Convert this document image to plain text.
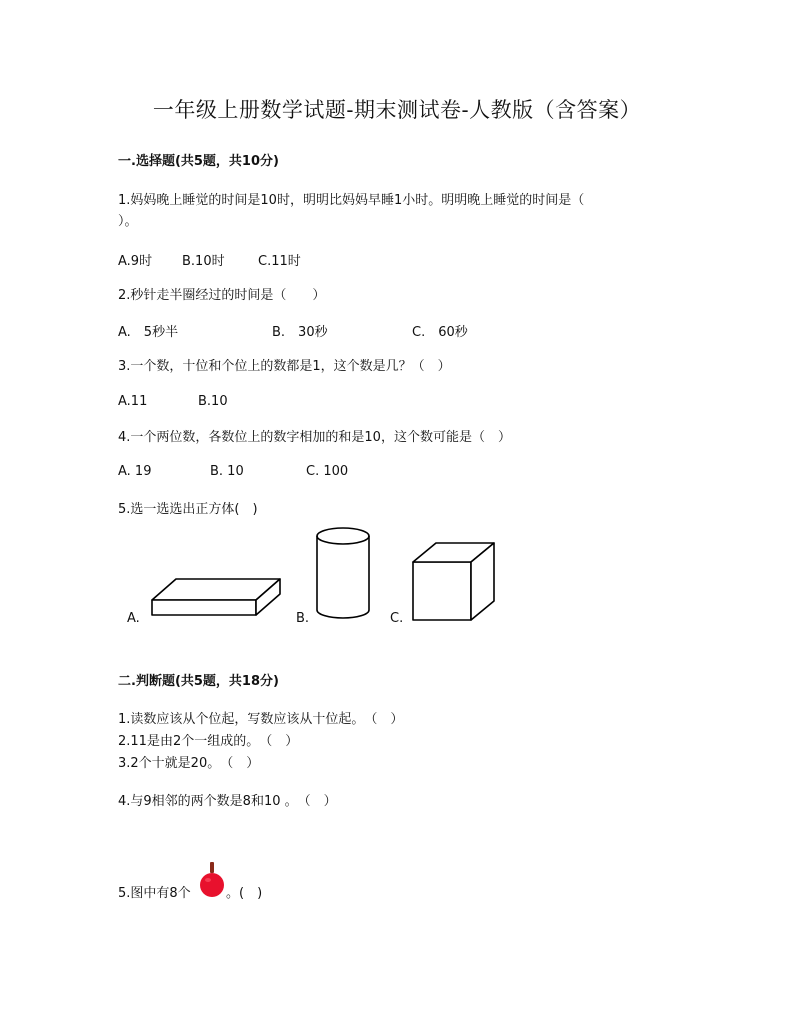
一年级上册数学试题-期末测试卷-人教版（含答案）
一.选择题(共5题，共10分)
1.妈妈晚上睡觉的时间是10时，明明比妈妈早睡1小时。明明晚上睡觉的时间是（
）。
A.9时 B.10时	C.11时
2.秒针走半圈经过的时间是（　　）
A.　5秒半	B.　30秒	C.　60秒
3.一个数，十位和个位上的数都是1，这个数是几？（　）
A.11	B.10
4.一个两位数，各数位上的数字相加的和是10，这个数可能是（　）
A. 19	B. 10	C. 100
5.选一选选出正方体(　)
A.	B.	C.
二.判断题(共5题，共18分)
1.读数应该从个位起，写数应该从十位起。　（　）
2.11是由2个一组成的。　（　）
3.2个十就是20。　（　）
4.与9相邻的两个数是8和10 。　（　）
5.图中有8个	。(　)
